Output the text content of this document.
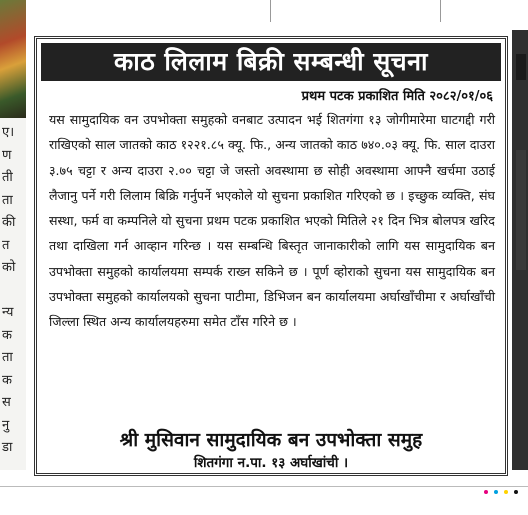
ए।
ण
ती
ता
की
त
को

न्य
क
ता
क
स
नु
डा
काठ लिलाम बिक्री सम्बन्धी सूचना
प्रथम पटक प्रकाशित मिति २०८२/०१/०६
यस सामुदायिक वन उपभोक्ता समुहको वनबाट उत्पादन भई शितगंगा १३ जोगीमारेमा घाटगद्दी गरी राखिएको साल जातको काठ १२२१.८५ क्यू. फि., अन्य जातको काठ ७४०.०३ क्यू. फि. साल दाउरा ३.७५ चट्टा र अन्य दाउरा २.०० चट्टा जे जस्तो अवस्थामा छ सोही अवस्थामा आफ्नै खर्चमा उठाई लैजानु पर्ने गरी लिलाम बिक्रि गर्नुपर्ने भएकोले यो सुचना प्रकाशित गरिएको छ । इच्छुक व्यक्ति, संघ सस्था, फर्म वा कम्पनिले यो सुचना प्रथम पटक प्रकाशित भएको मितिले २१ दिन भित्र बोलपत्र खरिद तथा दाखिला गर्न आव्हान गरिन्छ । यस सम्बन्धि बिस्तृत जानाकारीको लागि यस सामुदायिक बन उपभोक्ता समुहको कार्यालयमा सम्पर्क राख्न सकिने छ । पूर्ण व्होराको सुचना यस सामुदायिक बन उपभोक्ता समुहको कार्यालयको सुचना पाटीमा, डिभिजन बन कार्यालयमा अर्घाखाँचीमा र अर्घाखाँची जिल्ला स्थित अन्य कार्यालयहरुमा समेत टाँस गरिने छ ।
श्री मुसिवान सामुदायिक बन उपभोक्ता समुह
शितगंगा न.पा. १३ अर्घाखांची ।
